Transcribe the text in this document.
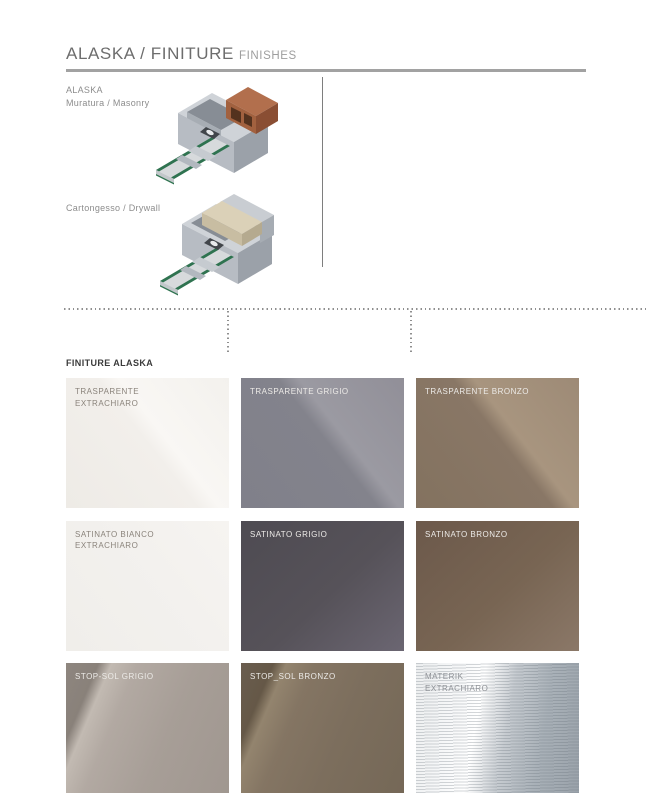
ALASKA / FINITURE FINISHES
ALASKA
Muratura / Masonry
Cartongesso / Drywall
FINITURE ALASKA
TRASPARENTE
EXTRACHIARO
TRASPARENTE GRIGIO	TRASPARENTE BRONZO
SATINATO BIANCO
EXTRACHIARO
SATINATO GRIGIO	SATINATO BRONZO
STOP-SOL GRIGIO	STOP_SOL BRONZO	MATERIK
EXTRACHIARO
